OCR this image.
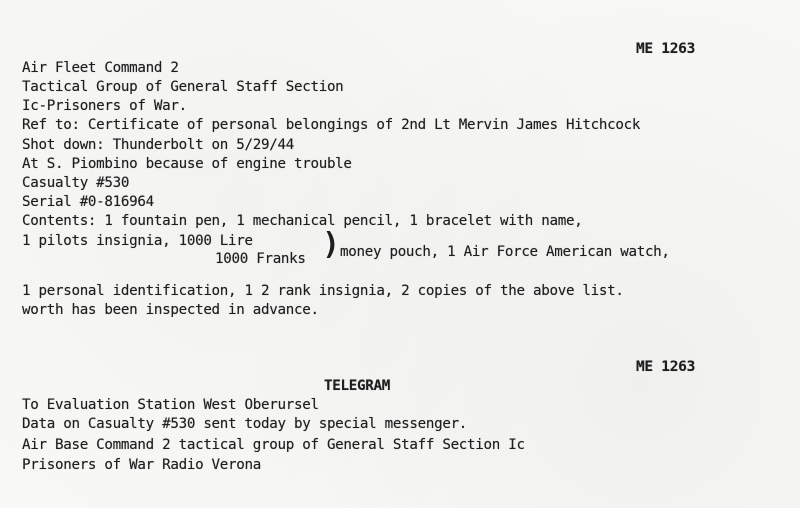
ME 1263
Air Fleet Command 2
Tactical Group of General Staff Section
Ic-Prisoners of War.
Ref to: Certificate of personal belongings of 2nd Lt Mervin James Hitchcock
Shot down: Thunderbolt on 5/29/44
At S. Piombino because of engine trouble
Casualty #530
Serial #0-816964
Contents: 1 fountain pen, 1 mechanical pencil, 1 bracelet with name,
1 pilots insignia, 1000 Lire
1000 Franks ) money pouch, 1 Air Force American watch,
1 personal identification, 1 2 rank insignia, 2 copies of the above list.
worth has been inspected in advance.
ME 1263
TELEGRAM
To Evaluation Station West Oberursel
Data on Casualty #530 sent today by special messenger.
Air Base Command 2 tactical group of General Staff Section Ic
Prisoners of War Radio Verona
